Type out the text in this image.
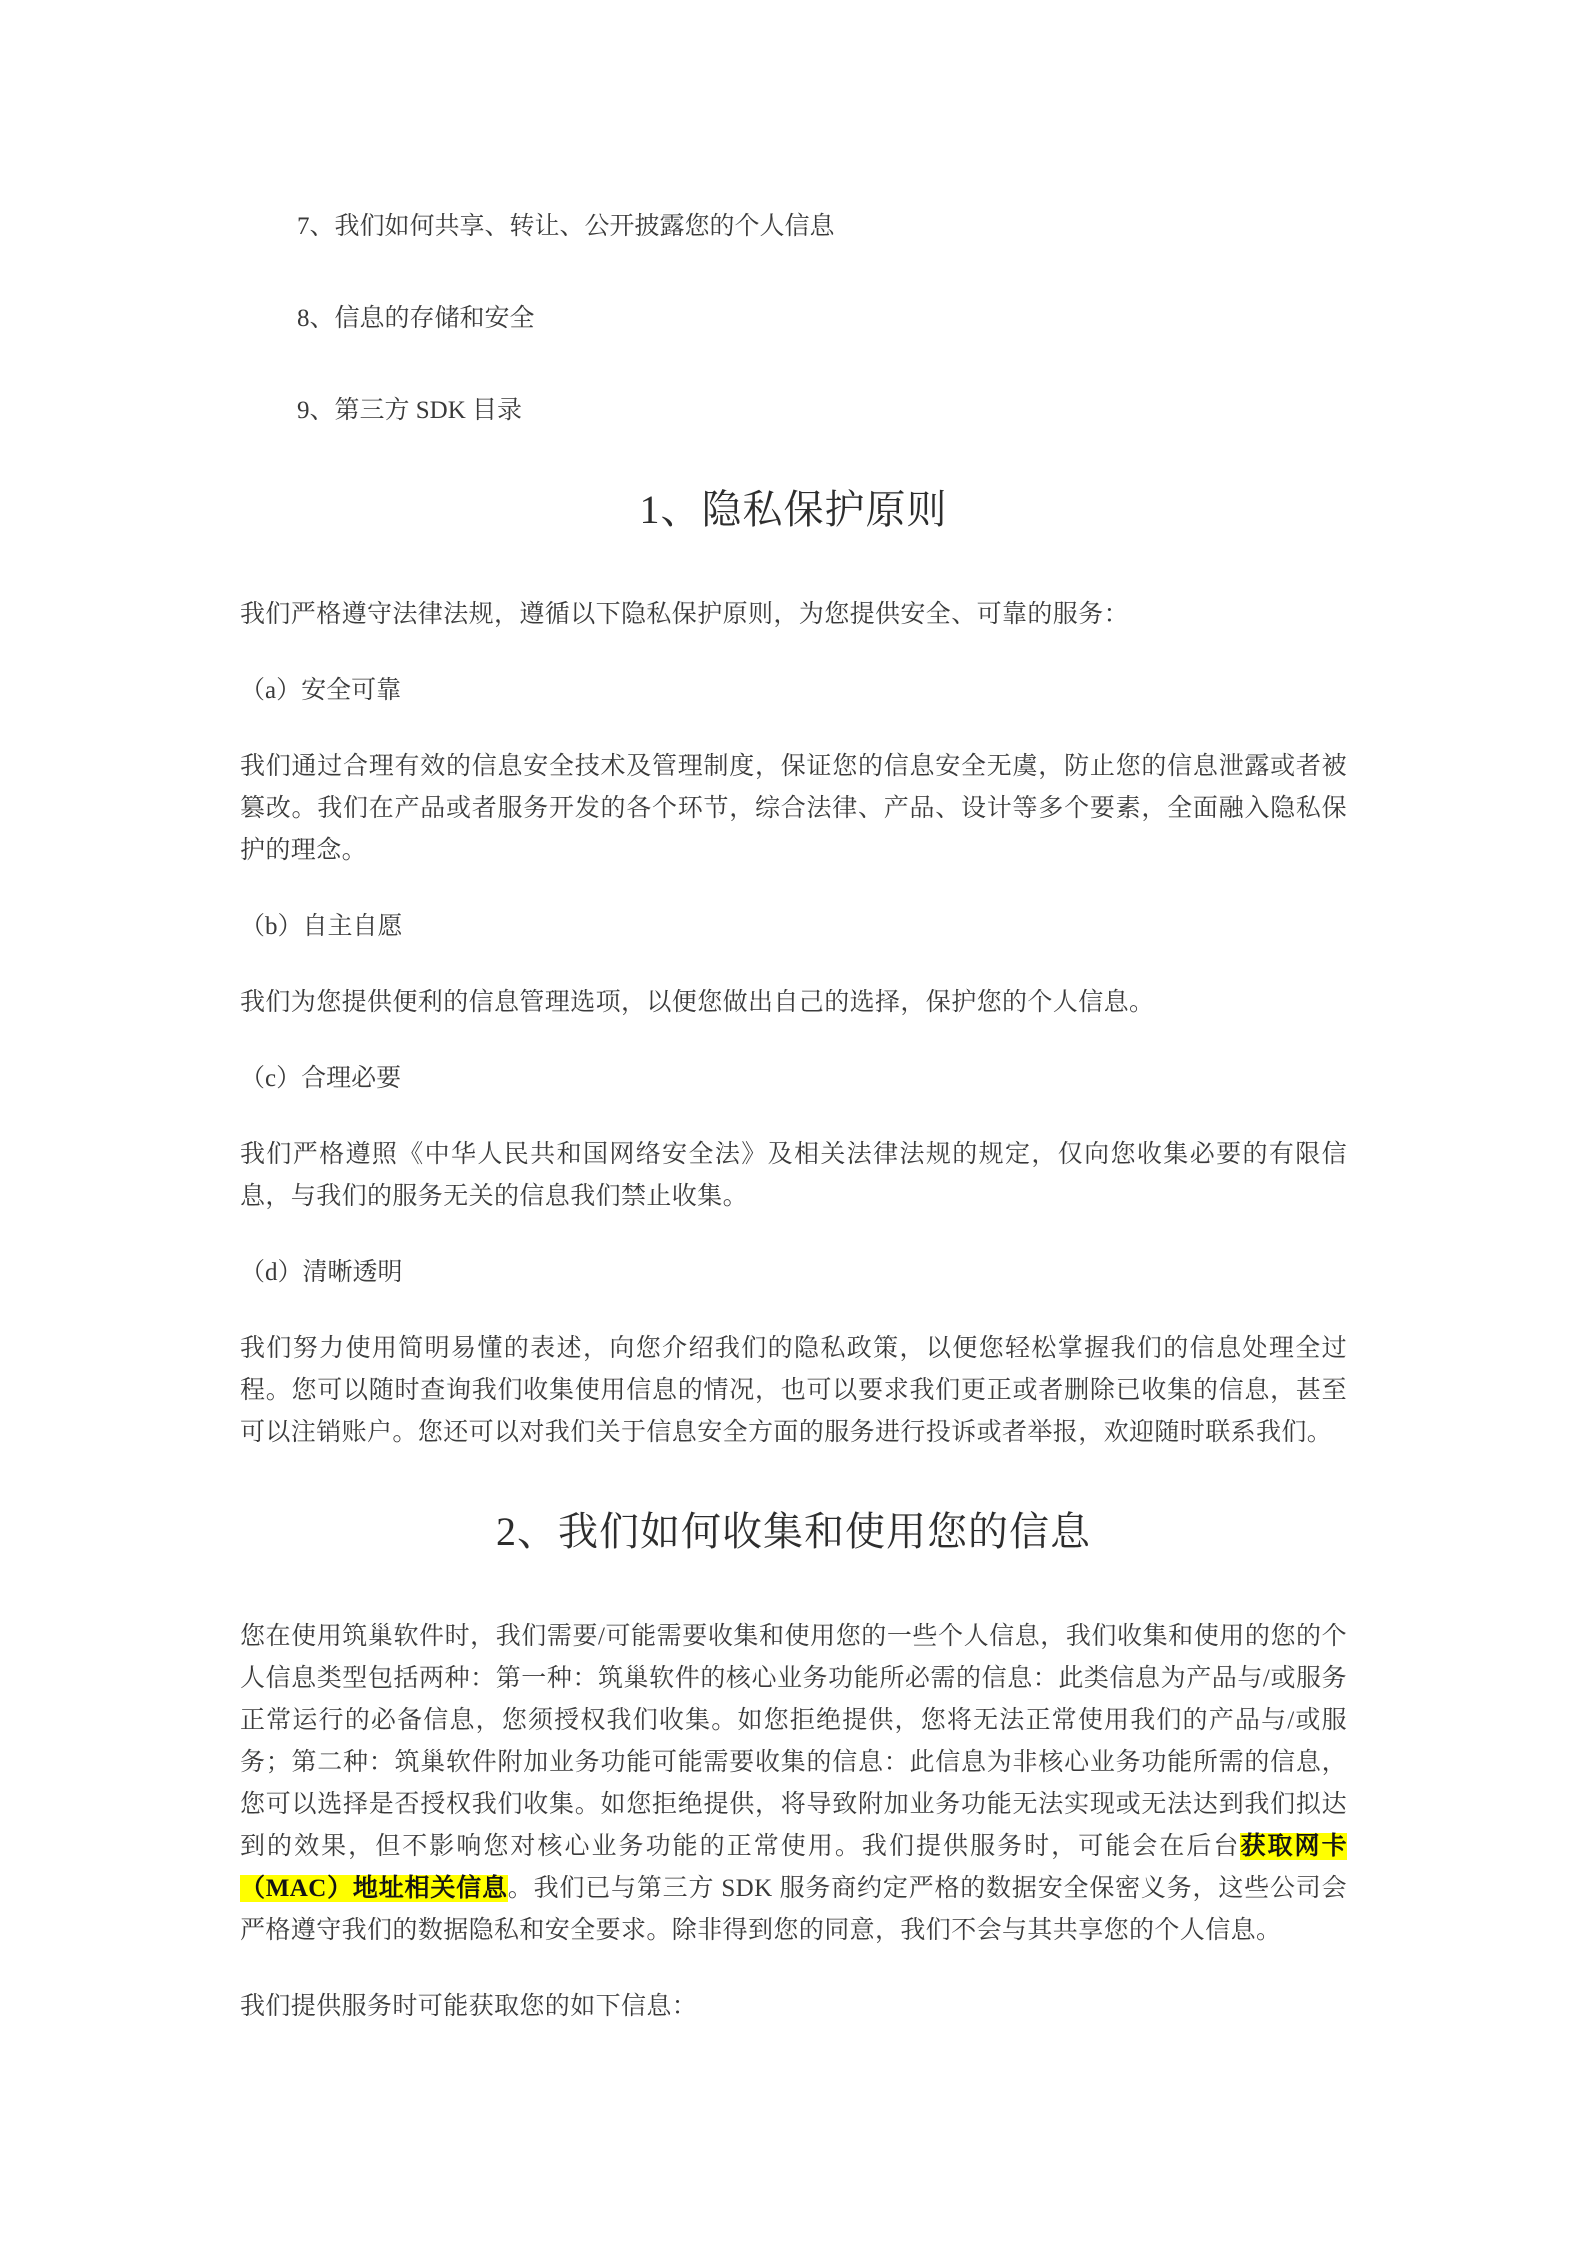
7、我们如何共享、转让、公开披露您的个人信息
8、信息的存储和安全
9、第三方 SDK 目录
1、隐私保护原则

我们严格遵守法律法规，遵循以下隐私保护原则，为您提供安全、可靠的服务：

（a）安全可靠

我们通过合理有效的信息安全技术及管理制度，保证您的信息安全无虞，防止您的信息泄露或者被篡改。我们在产品或者服务开发的各个环节，综合法律、产品、设计等多个要素，全面融入隐私保护的理念。

（b）自主自愿

我们为您提供便利的信息管理选项，以便您做出自己的选择，保护您的个人信息。

（c）合理必要

我们严格遵照《中华人民共和国网络安全法》及相关法律法规的规定，仅向您收集必要的有限信息，与我们的服务无关的信息我们禁止收集。

（d）清晰透明

我们努力使用简明易懂的表述，向您介绍我们的隐私政策，以便您轻松掌握我们的信息处理全过程。您可以随时查询我们收集使用信息的情况，也可以要求我们更正或者删除已收集的信息，甚至可以注销账户。您还可以对我们关于信息安全方面的服务进行投诉或者举报，欢迎随时联系我们。

2、我们如何收集和使用您的信息

您在使用筑巢软件时，我们需要/可能需要收集和使用您的一些个人信息，我们收集和使用的您的个人信息类型包括两种：第一种：筑巢软件的核心业务功能所必需的信息：此类信息为产品与/或服务正常运行的必备信息，您须授权我们收集。如您拒绝提供，您将无法正常使用我们的产品与/或服务；第二种：筑巢软件附加业务功能可能需要收集的信息：此信息为非核心业务功能所需的信息，您可以选择是否授权我们收集。如您拒绝提供，将导致附加业务功能无法实现或无法达到我们拟达到的效果，但不影响您对核心业务功能的正常使用。我们提供服务时，可能会在后台获取网卡（MAC）地址相关信息。我们已与第三方 SDK 服务商约定严格的数据安全保密义务，这些公司会严格遵守我们的数据隐私和安全要求。除非得到您的同意，我们不会与其共享您的个人信息。

我们提供服务时可能获取您的如下信息：
